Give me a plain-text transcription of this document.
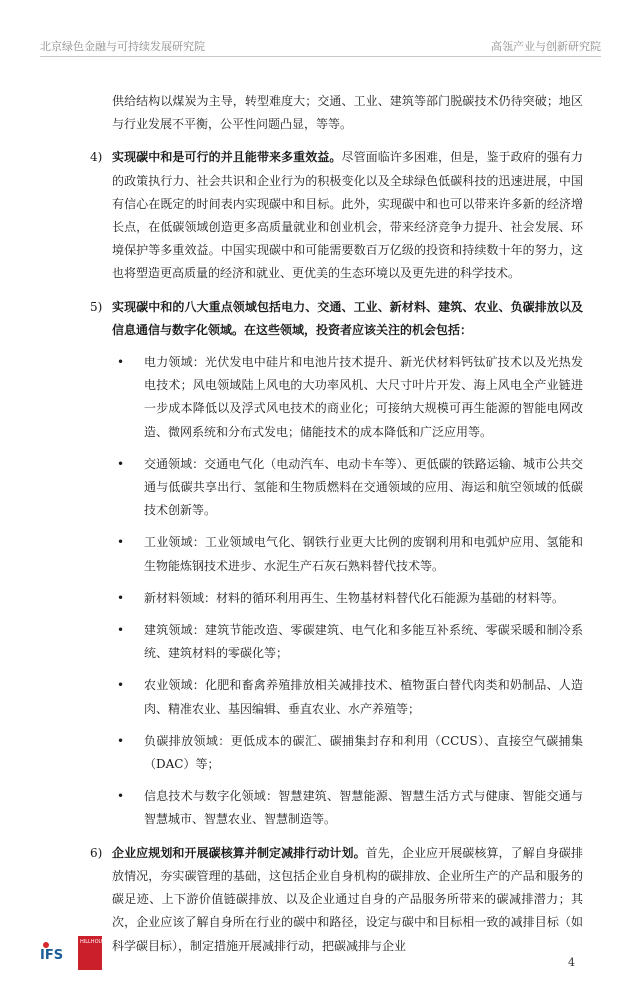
北京绿色金融与可持续发展研究院	高瓴产业与创新研究院
供给结构以煤炭为主导，转型难度大；交通、工业、建筑等部门脱碳技术仍待突破；地区与行业发展不平衡，公平性问题凸显，等等。
4) 实现碳中和是可行的并且能带来多重效益。尽管面临许多困难，但是，鉴于政府的强有力的政策执行力、社会共识和企业行为的积极变化以及全球绿色低碳科技的迅速进展，中国有信心在既定的时间表内实现碳中和目标。此外，实现碳中和也可以带来许多新的经济增长点，在低碳领域创造更多高质量就业和创业机会，带来经济竞争力提升、社会发展、环境保护等多重效益。中国实现碳中和可能需要数百万亿级的投资和持续数十年的努力，这也将塑造更高质量的经济和就业、更优美的生态环境以及更先进的科学技术。
5) 实现碳中和的八大重点领域包括电力、交通、工业、新材料、建筑、农业、负碳排放以及信息通信与数字化领域。在这些领域，投资者应该关注的机会包括：
• 电力领域：光伏发电中硅片和电池片技术提升、新光伏材料钙钛矿技术以及光热发电技术；风电领域陆上风电的大功率风机、大尺寸叶片开发、海上风电全产业链进一步成本降低以及浮式风电技术的商业化；可接纳大规模可再生能源的智能电网改造、微网系统和分布式发电；储能技术的成本降低和广泛应用等。
• 交通领域：交通电气化（电动汽车、电动卡车等）、更低碳的铁路运输、城市公共交通与低碳共享出行、氢能和生物质燃料在交通领域的应用、海运和航空领域的低碳技术创新等。
• 工业领域：工业领域电气化、钢铁行业更大比例的废钢利用和电弧炉应用、氢能和生物能炼钢技术进步、水泥生产石灰石熟料替代技术等。
• 新材料领域：材料的循环利用再生、生物基材料替代化石能源为基础的材料等。
• 建筑领域：建筑节能改造、零碳建筑、电气化和多能互补系统、零碳采暖和制冷系统、建筑材料的零碳化等；
• 农业领域：化肥和畜禽养殖排放相关减排技术、植物蛋白替代肉类和奶制品、人造肉、精准农业、基因编辑、垂直农业、水产养殖等；
• 负碳排放领域：更低成本的碳汇、碳捕集封存和利用（CCUS）、直接空气碳捕集（DAC）等；
• 信息技术与数字化领域：智慧建筑、智慧能源、智慧生活方式与健康、智能交通与智慧城市、智慧农业、智慧制造等。
6) 企业应规划和开展碳核算并制定减排行动计划。首先，企业应开展碳核算，了解自身碳排放情况，夯实碳管理的基础，这包括企业自身机构的碳排放、企业所生产的产品和服务的碳足迹、上下游价值链碳排放、以及企业通过自身的产品服务所带来的碳减排潜力；其次，企业应该了解自身所在行业的碳中和路径，设定与碳中和目标相一致的减排目标（如科学碳目标），制定措施开展减排行动，把碳减排与企业
IFS
HILLHOUSE
4
